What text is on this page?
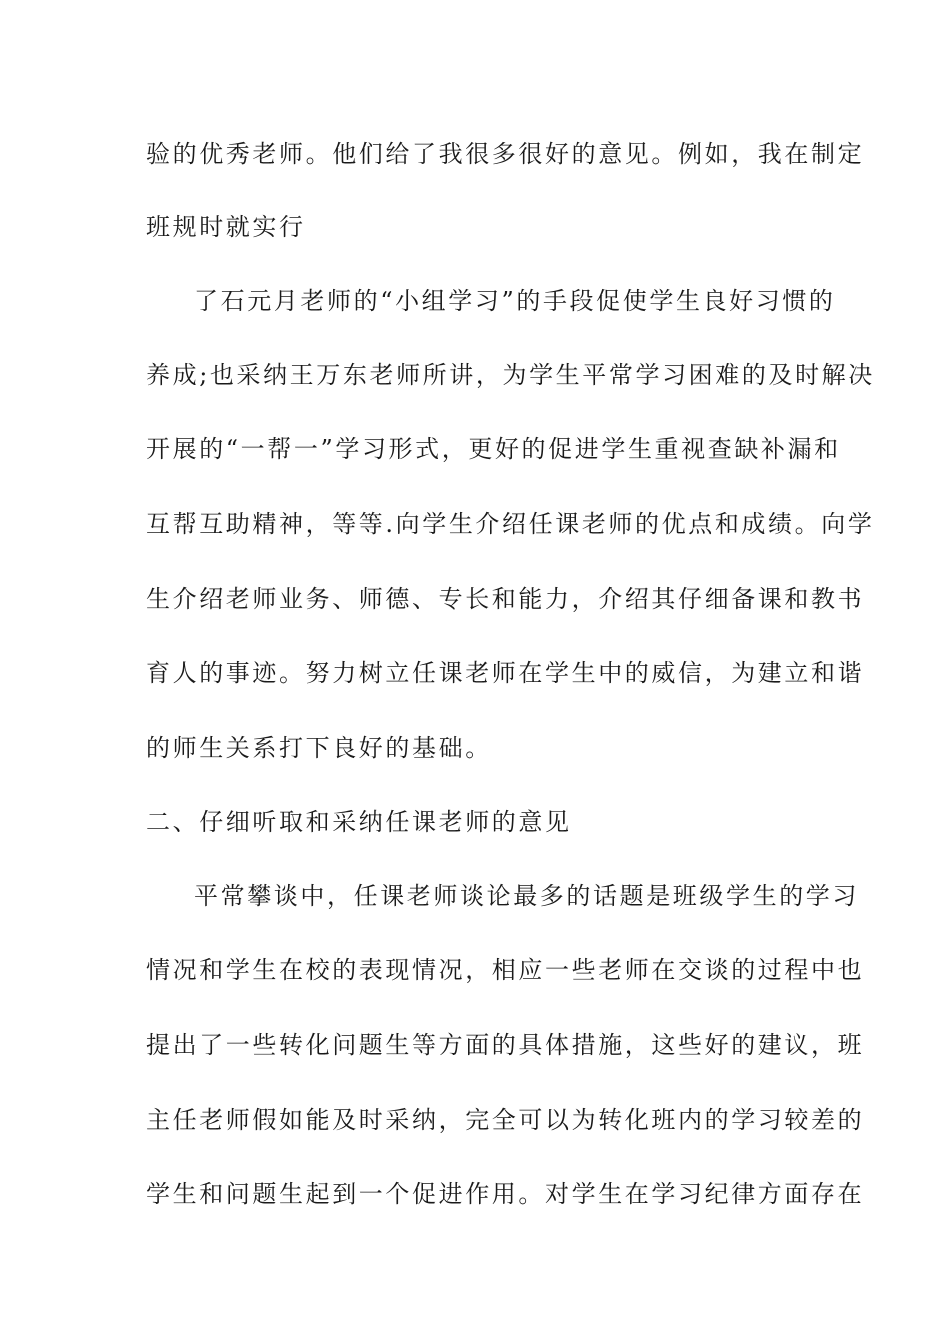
验的优秀老师。他们给了我很多很好的意见。例如，我在制定
班规时就实行
了石元月老师的“小组学习”的手段促使学生良好习惯的
养成;也采纳王万东老师所讲，为学生平常学习困难的及时解决
开展的“一帮一”学习形式，更好的促进学生重视查缺补漏和
互帮互助精神，等等.向学生介绍任课老师的优点和成绩。向学
生介绍老师业务、师德、专长和能力，介绍其仔细备课和教书
育人的事迹。努力树立任课老师在学生中的威信，为建立和谐
的师生关系打下良好的基础。
二、仔细听取和采纳任课老师的意见
平常攀谈中，任课老师谈论最多的话题是班级学生的学习
情况和学生在校的表现情况，相应一些老师在交谈的过程中也
提出了一些转化问题生等方面的具体措施，这些好的建议，班
主任老师假如能及时采纳，完全可以为转化班内的学习较差的
学生和问题生起到一个促进作用。对学生在学习纪律方面存在
